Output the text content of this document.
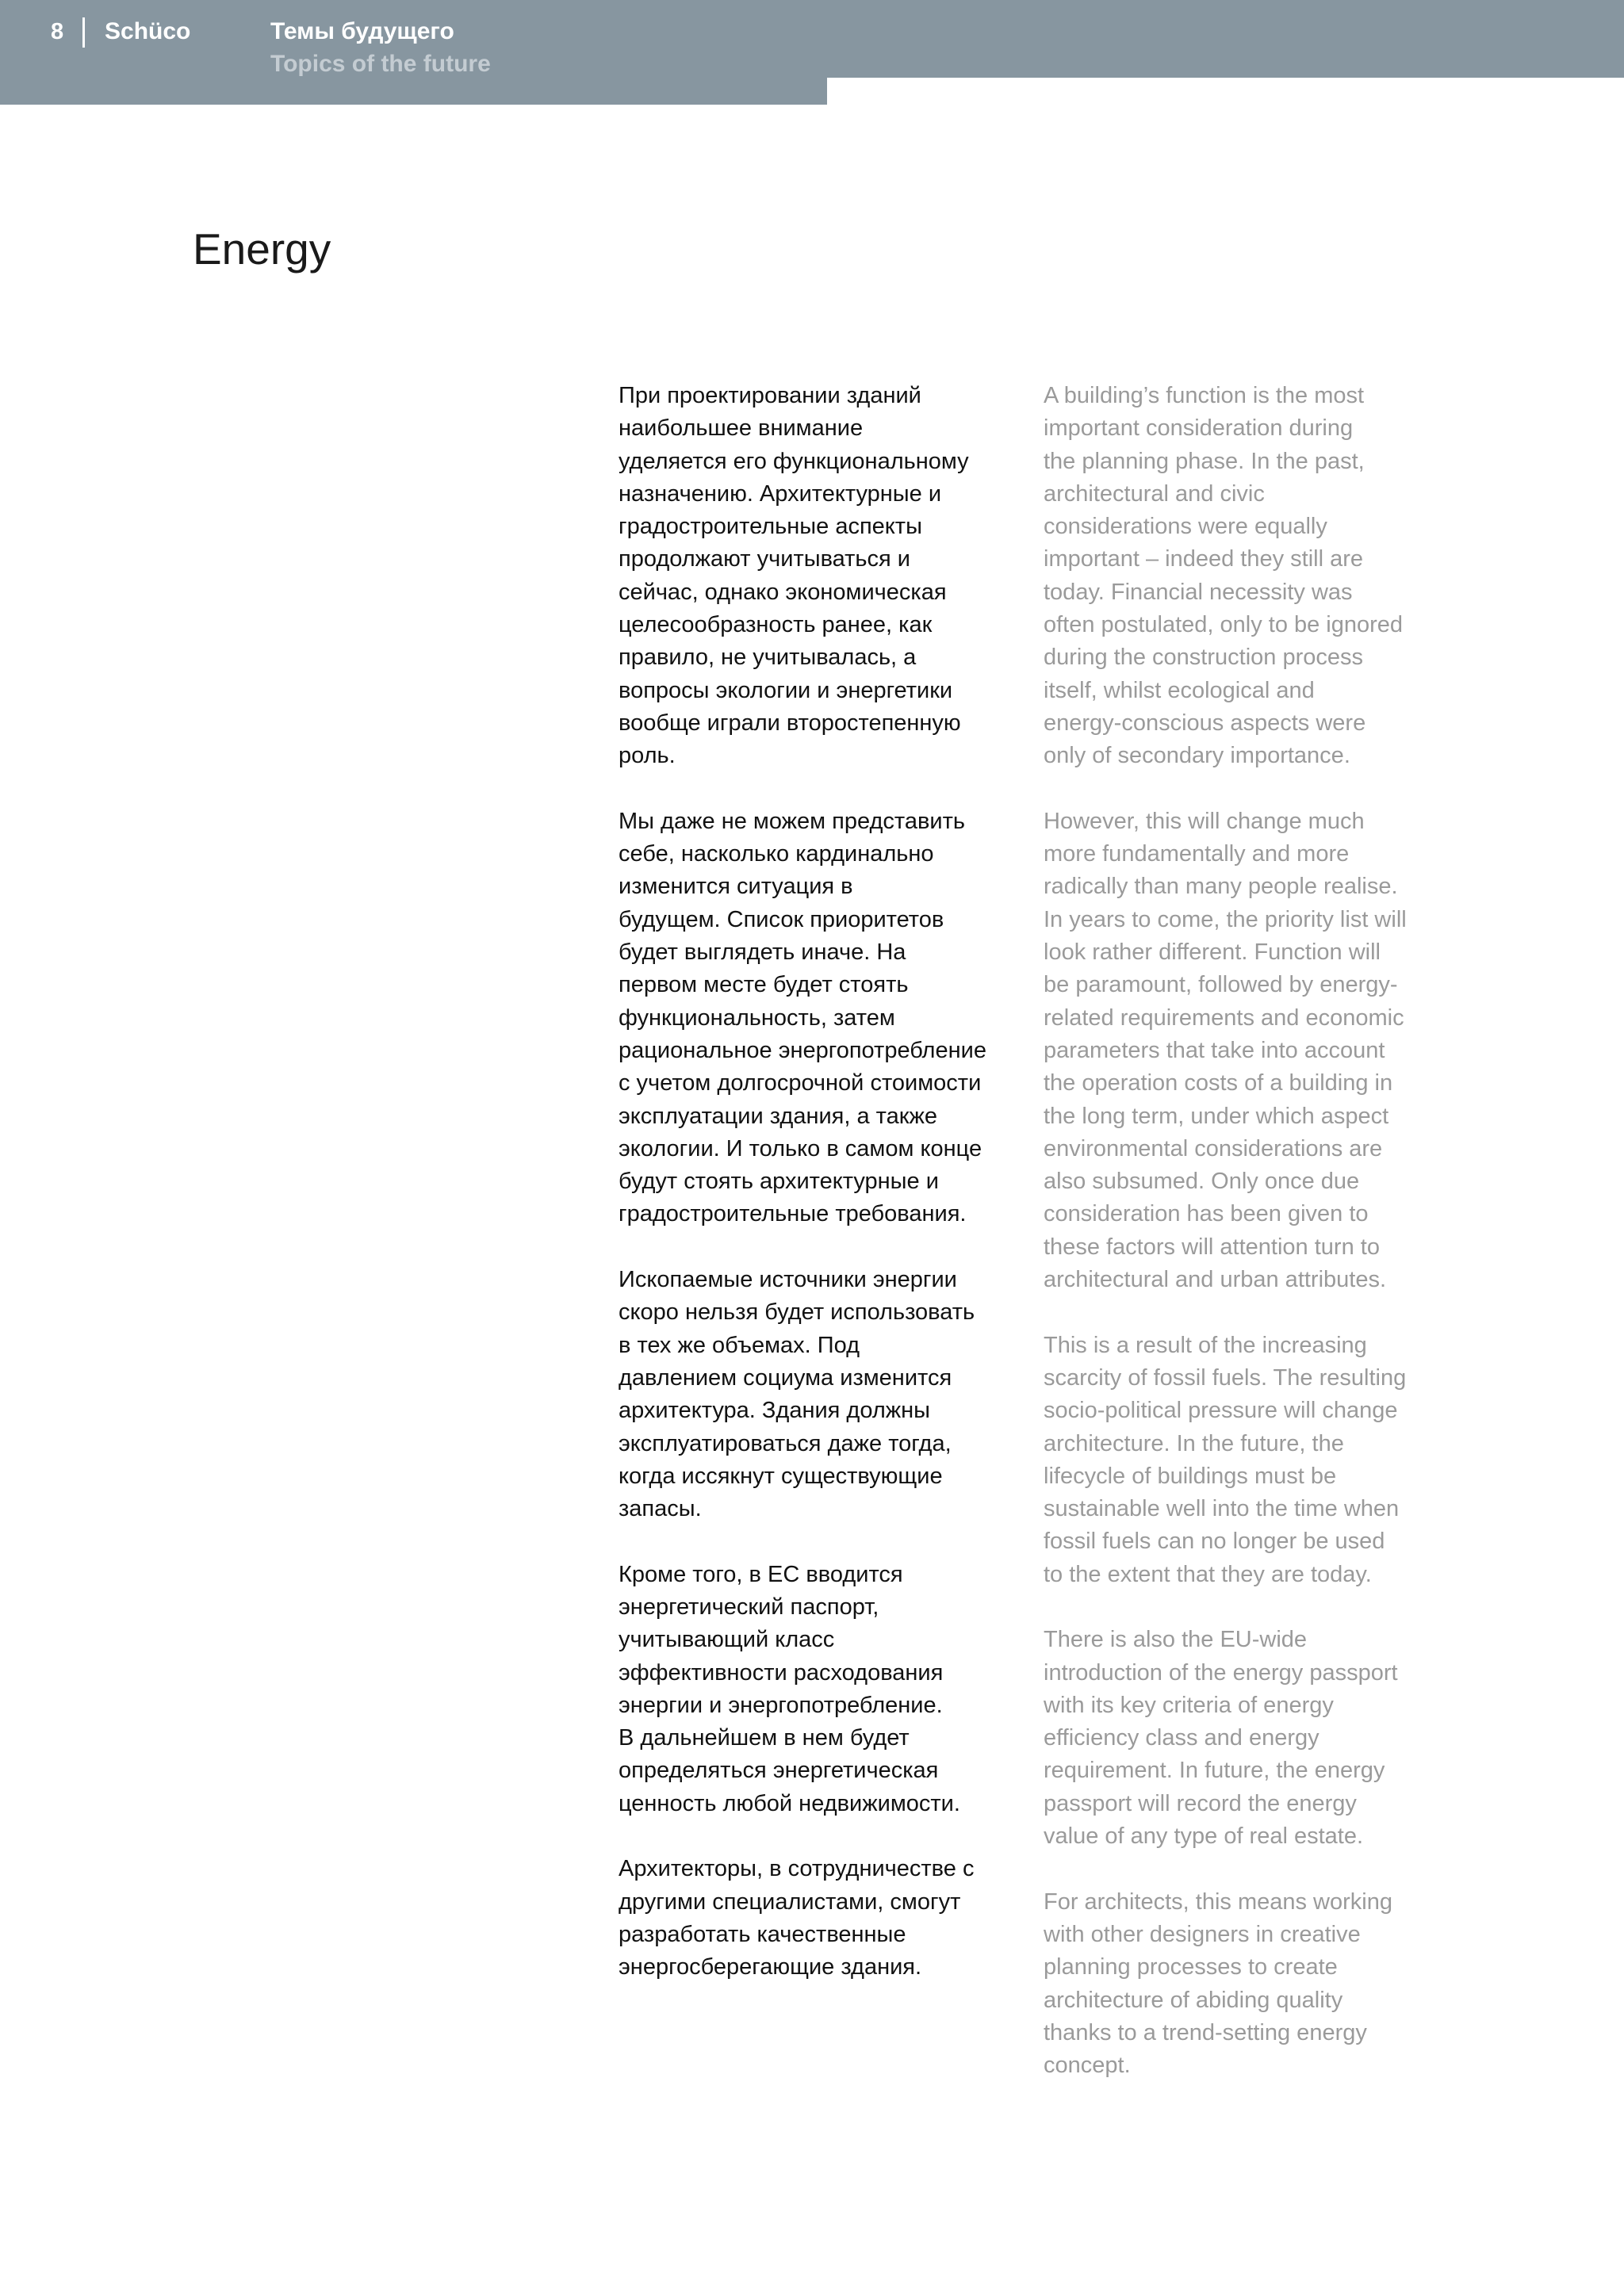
8 Schüco	Темы будущего
Topics of the future
Energy

При проектировании зданий
наибольшее внимание
уделяется его функциональному
назначению. Архитектурные и
градостроительные аспекты
продолжают учитываться и
сейчас, однако экономическая
целесообразность ранее, как
правило, не учитывалась, а
вопросы экологии и энергетики
вообще играли второстепенную
роль.

Мы даже не можем представить
себе, насколько кардинально
изменится ситуация в
будущем. Список приоритетов
будет выглядеть иначе. На
первом месте будет стоять
функциональность, затем
рациональное энергопотребление
с учетом долгосрочной стоимости
эксплуатации здания, а также
экологии. И только в самом конце
будут стоять архитектурные и
градостроительные требования.

Ископаемые источники энергии
скоро нельзя будет использовать
в тех же объемах. Под
давлением социума изменится
архитектура. Здания должны
эксплуатироваться даже тогда,
когда иссякнут существующие
запасы.

Кроме того, в ЕС вводится
энергетический паспорт,
учитывающий класс
эффективности расходования
энергии и энергопотребление.
В дальнейшем в нем будет
определяться энергетическая
ценность любой недвижимости.

Архитекторы, в сотрудничестве с
другими специалистами, смогут
разработать качественные
энергосберегающие здания.

A building’s function is the most
important consideration during
the planning phase. In the past,
architectural and civic
considerations were equally
important – indeed they still are
today. Financial necessity was
often postulated, only to be ignored
during the construction process
itself, whilst ecological and
energy-conscious aspects were
only of secondary importance.

However, this will change much
more fundamentally and more
radically than many people realise.
In years to come, the priority list will
look rather different. Function will
be paramount, followed by energy-
related requirements and economic
parameters that take into account
the operation costs of a building in
the long term, under which aspect
environmental considerations are
also subsumed. Only once due
consideration has been given to
these factors will attention turn to
architectural and urban attributes.

This is a result of the increasing
scarcity of fossil fuels. The resulting
socio-political pressure will change
architecture. In the future, the
lifecycle of buildings must be
sustainable well into the time when
fossil fuels can no longer be used
to the extent that they are today.

There is also the EU-wide
introduction of the energy passport
with its key criteria of energy
efficiency class and energy
requirement. In future, the energy
passport will record the energy
value of any type of real estate.

For architects, this means working
with other designers in creative
planning processes to create
architecture of abiding quality
thanks to a trend-setting energy
concept.
